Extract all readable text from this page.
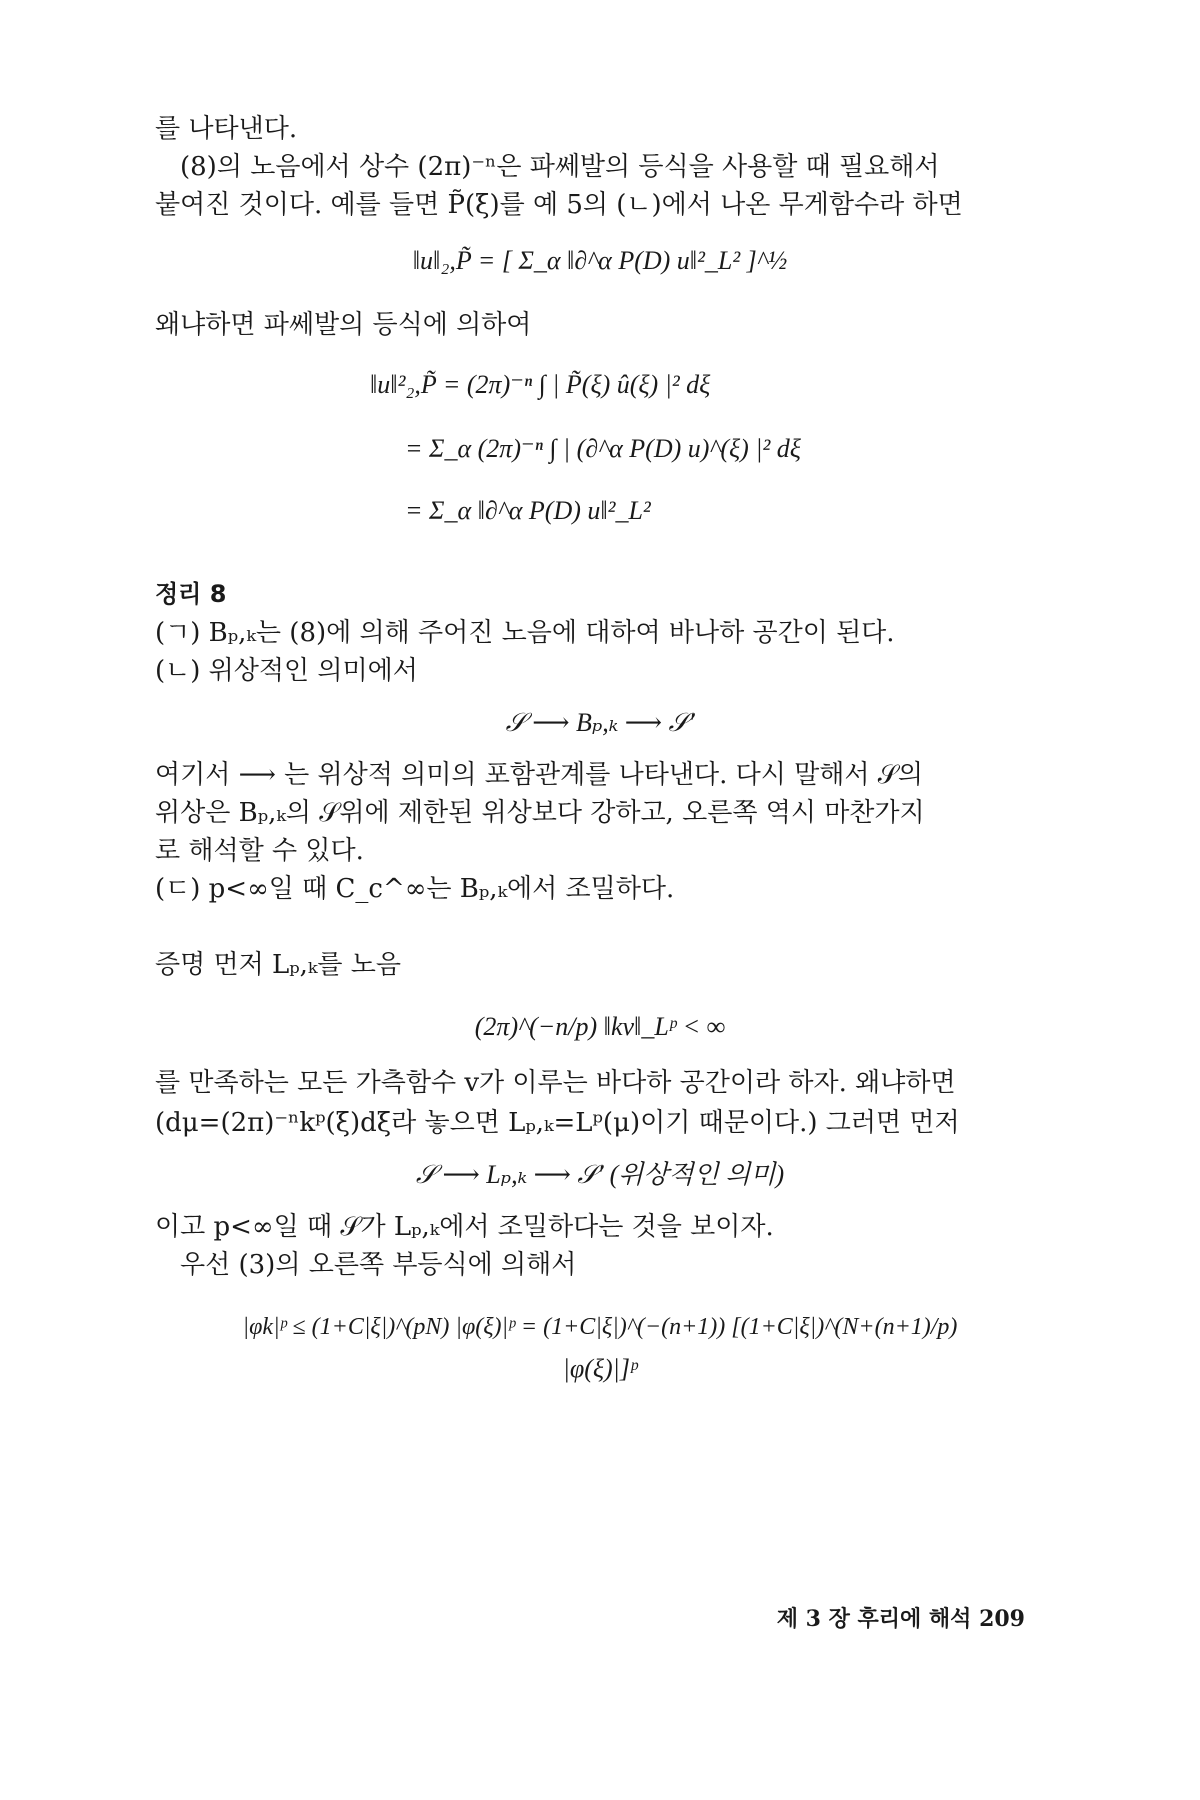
를 나타낸다.
(8)의 노음에서 상수 (2π)⁻ⁿ은 파쎄발의 등식을 사용할 때 필요해서
붙여진 것이다. 예를 들면 P̃(ξ)를 예 5의 (ㄴ)에서 나온 무게함수라 하면
‖u‖₂,P̃ = [ Σ_α ‖∂^α P(D) u‖²_L² ]^½
왜냐하면 파쎄발의 등식에 의하여
‖u‖²₂,P̃ = (2π)⁻ⁿ ∫ | P̃(ξ) û(ξ) |² dξ
= Σ_α (2π)⁻ⁿ ∫ | (∂^α P(D) u)^(ξ) |² dξ
= Σ_α ‖∂^α P(D) u‖²_L²
정리 8
(ㄱ) Bₚ,ₖ는 (8)에 의해 주어진 노음에 대하여 바나하 공간이 된다.
(ㄴ) 위상적인 의미에서
𝒮 ⟶ Bₚ,ₖ ⟶ 𝒮′
여기서 ⟶ 는 위상적 의미의 포함관계를 나타낸다. 다시 말해서 𝒮의
위상은 Bₚ,ₖ의 𝒮위에 제한된 위상보다 강하고, 오른쪽 역시 마찬가지
로 해석할 수 있다.
(ㄷ) p<∞일 때 C_c^∞는 Bₚ,ₖ에서 조밀하다.
증명 먼저 Lₚ,ₖ를 노음
(2π)^(−n/p) ‖kv‖_Lᵖ < ∞
를 만족하는 모든 가측함수 v가 이루는 바다하 공간이라 하자. 왜냐하면
(dμ=(2π)⁻ⁿkᵖ(ξ)dξ라 놓으면 Lₚ,ₖ=Lᵖ(μ)이기 때문이다.) 그러면 먼저
𝒮 ⟶ Lₚ,ₖ ⟶ 𝒮′ (위상적인 의미)
이고 p<∞일 때 𝒮가 Lₚ,ₖ에서 조밀하다는 것을 보이자.
우선 (3)의 오른쪽 부등식에 의해서
|φk|ᵖ ≤ (1+C|ξ|)^(pN) |φ(ξ)|ᵖ = (1+C|ξ|)^(−(n+1)) [(1+C|ξ|)^(N+(n+1)/p)
|φ(ξ)|]ᵖ
제 3 장 후리에 해석 209
